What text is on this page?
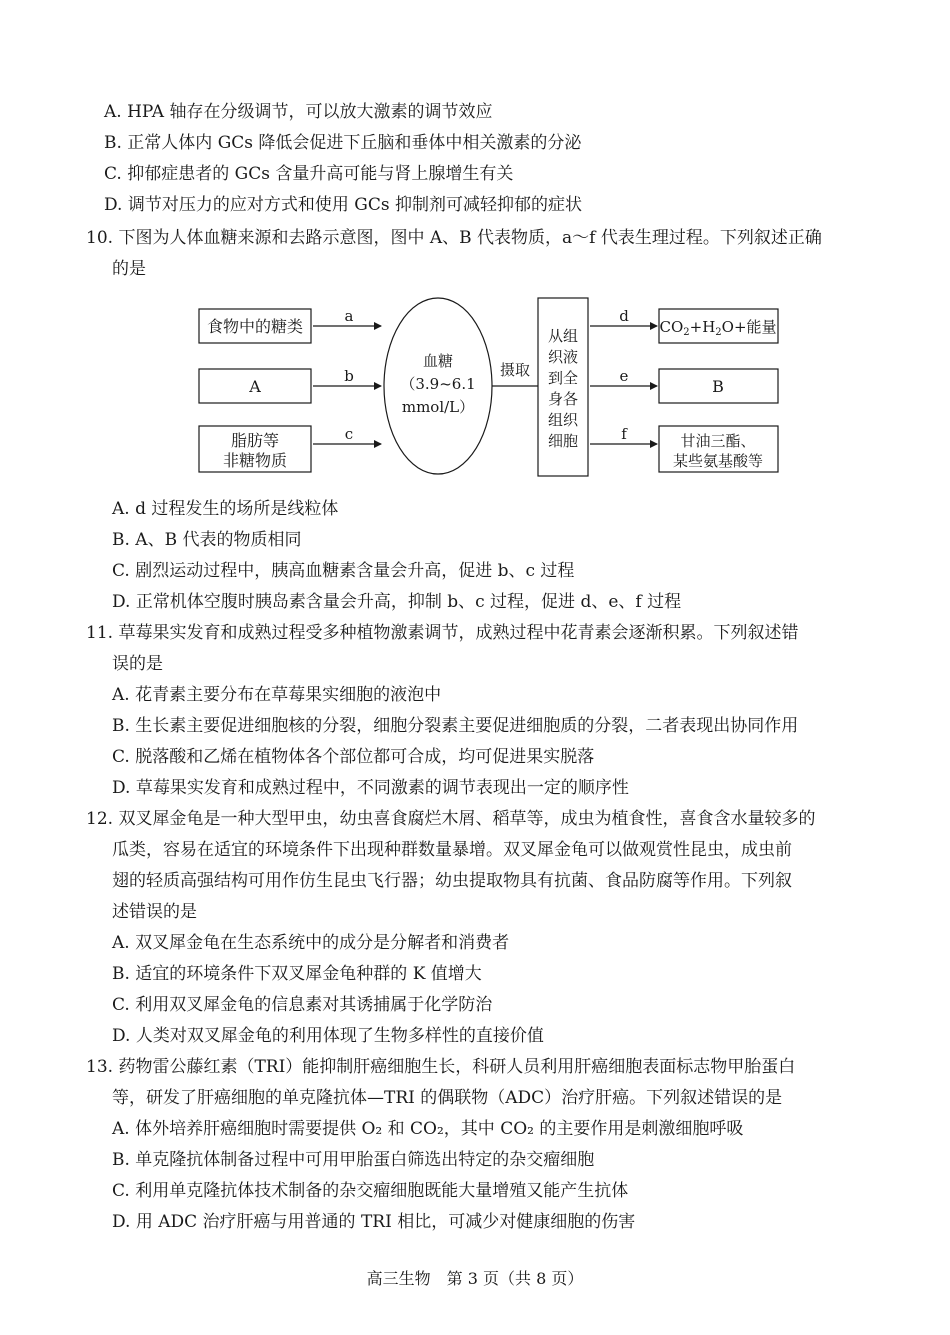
A. HPA 轴存在分级调节，可以放大激素的调节效应
B. 正常人体内 GCs 降低会促进下丘脑和垂体中相关激素的分泌
C. 抑郁症患者的 GCs 含量升高可能与肾上腺增生有关
D. 调节对压力的应对方式和使用 GCs 抑制剂可减轻抑郁的症状
10. 下图为人体血糖来源和去路示意图，图中 A、B 代表物质，a～f 代表生理过程。下列叙述正确
的是
食物中的糖类
A
脂肪等
非糖物质
a
b
c
血糖
（3.9~6.1
mmol/L）
摄取
从组
织液
到全
身各
组织
细胞
d
e
f
$CO_2+H_2O+$能量
B
甘油三酯、
某些氨基酸等
A. d 过程发生的场所是线粒体
B. A、B 代表的物质相同
C. 剧烈运动过程中，胰高血糖素含量会升高，促进 b、c 过程
D. 正常机体空腹时胰岛素含量会升高，抑制 b、c 过程，促进 d、e、f 过程
11. 草莓果实发育和成熟过程受多种植物激素调节，成熟过程中花青素会逐渐积累。下列叙述错
误的是
A. 花青素主要分布在草莓果实细胞的液泡中
B. 生长素主要促进细胞核的分裂，细胞分裂素主要促进细胞质的分裂，二者表现出协同作用
C. 脱落酸和乙烯在植物体各个部位都可合成，均可促进果实脱落
D. 草莓果实发育和成熟过程中，不同激素的调节表现出一定的顺序性
12. 双叉犀金龟是一种大型甲虫，幼虫喜食腐烂木屑、稻草等，成虫为植食性，喜食含水量较多的
瓜类，容易在适宜的环境条件下出现种群数量暴增。双叉犀金龟可以做观赏性昆虫，成虫前
翅的轻质高强结构可用作仿生昆虫飞行器；幼虫提取物具有抗菌、食品防腐等作用。下列叙
述错误的是
A. 双叉犀金龟在生态系统中的成分是分解者和消费者
B. 适宜的环境条件下双叉犀金龟种群的 K 值增大
C. 利用双叉犀金龟的信息素对其诱捕属于化学防治
D. 人类对双叉犀金龟的利用体现了生物多样性的直接价值
13. 药物雷公藤红素（TRI）能抑制肝癌细胞生长，科研人员利用肝癌细胞表面标志物甲胎蛋白
等，研发了肝癌细胞的单克隆抗体—TRI 的偶联物（ADC）治疗肝癌。下列叙述错误的是
A. 体外培养肝癌细胞时需要提供 O₂ 和 CO₂，其中 CO₂ 的主要作用是刺激细胞呼吸
B. 单克隆抗体制备过程中可用甲胎蛋白筛选出特定的杂交瘤细胞
C. 利用单克隆抗体技术制备的杂交瘤细胞既能大量增殖又能产生抗体
D. 用 ADC 治疗肝癌与用普通的 TRI 相比，可减少对健康细胞的伤害
高三生物　第 3 页（共 8 页）
